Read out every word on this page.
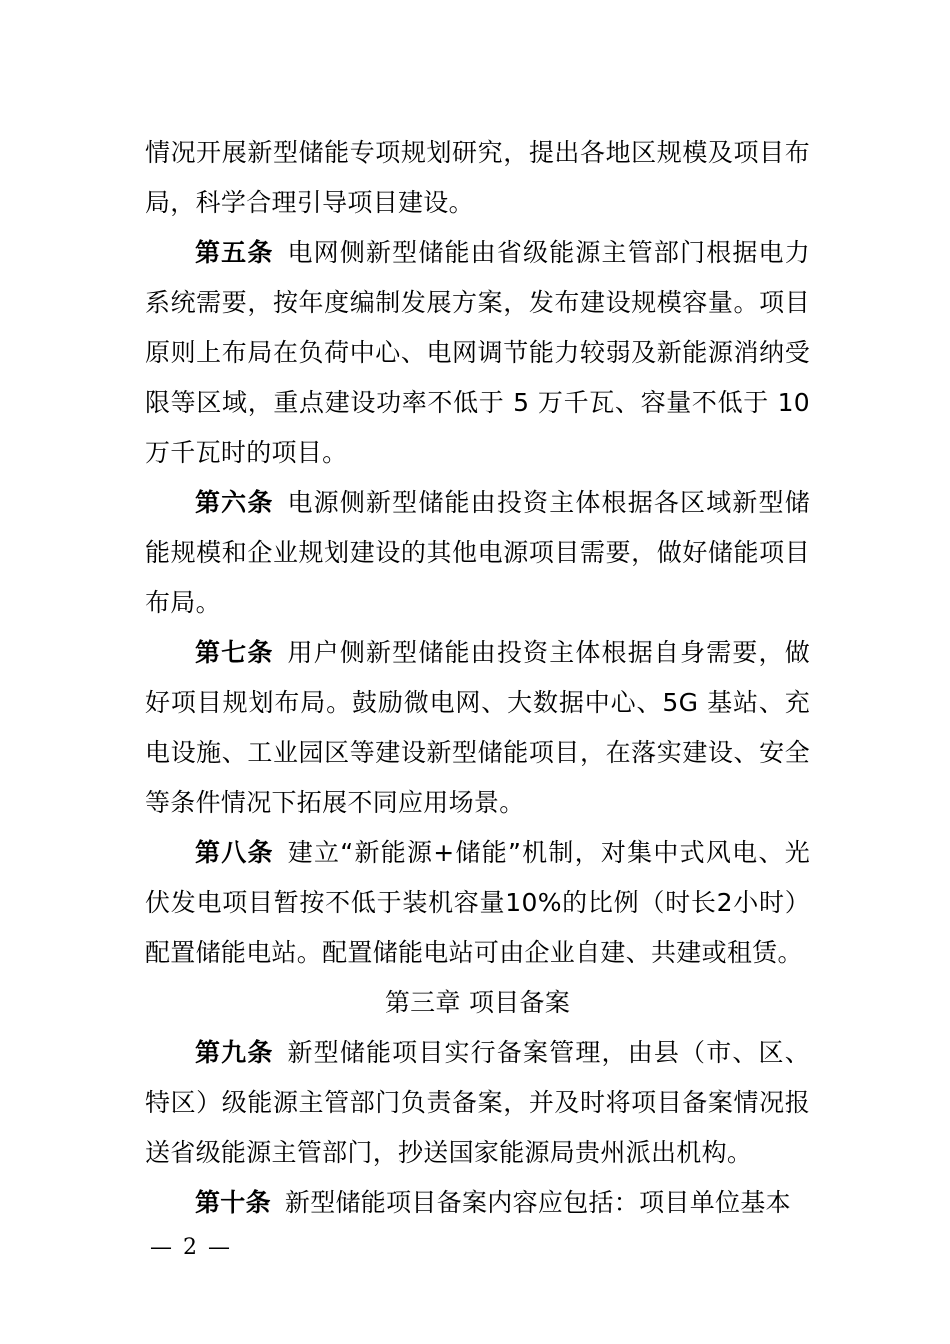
情况开展新型储能专项规划研究，提出各地区规模及项目布局，科学合理引导项目建设。

第五条 电网侧新型储能由省级能源主管部门根据电力系统需要，按年度编制发展方案，发布建设规模容量。项目原则上布局在负荷中心、电网调节能力较弱及新能源消纳受限等区域，重点建设功率不低于 5 万千瓦、容量不低于 10 万千瓦时的项目。

第六条 电源侧新型储能由投资主体根据各区域新型储能规模和企业规划建设的其他电源项目需要，做好储能项目布局。

第七条 用户侧新型储能由投资主体根据自身需要，做好项目规划布局。鼓励微电网、大数据中心、5G 基站、充电设施、工业园区等建设新型储能项目，在落实建设、安全等条件情况下拓展不同应用场景。

第八条 建立“新能源+储能”机制，对集中式风电、光伏发电项目暂按不低于装机容量10%的比例（时长2小时）配置储能电站。配置储能电站可由企业自建、共建或租赁。

第三章 项目备案

第九条 新型储能项目实行备案管理，由县（市、区、特区）级能源主管部门负责备案，并及时将项目备案情况报送省级能源主管部门，抄送国家能源局贵州派出机构。

第十条 新型储能项目备案内容应包括：项目单位基本

— 2 —
